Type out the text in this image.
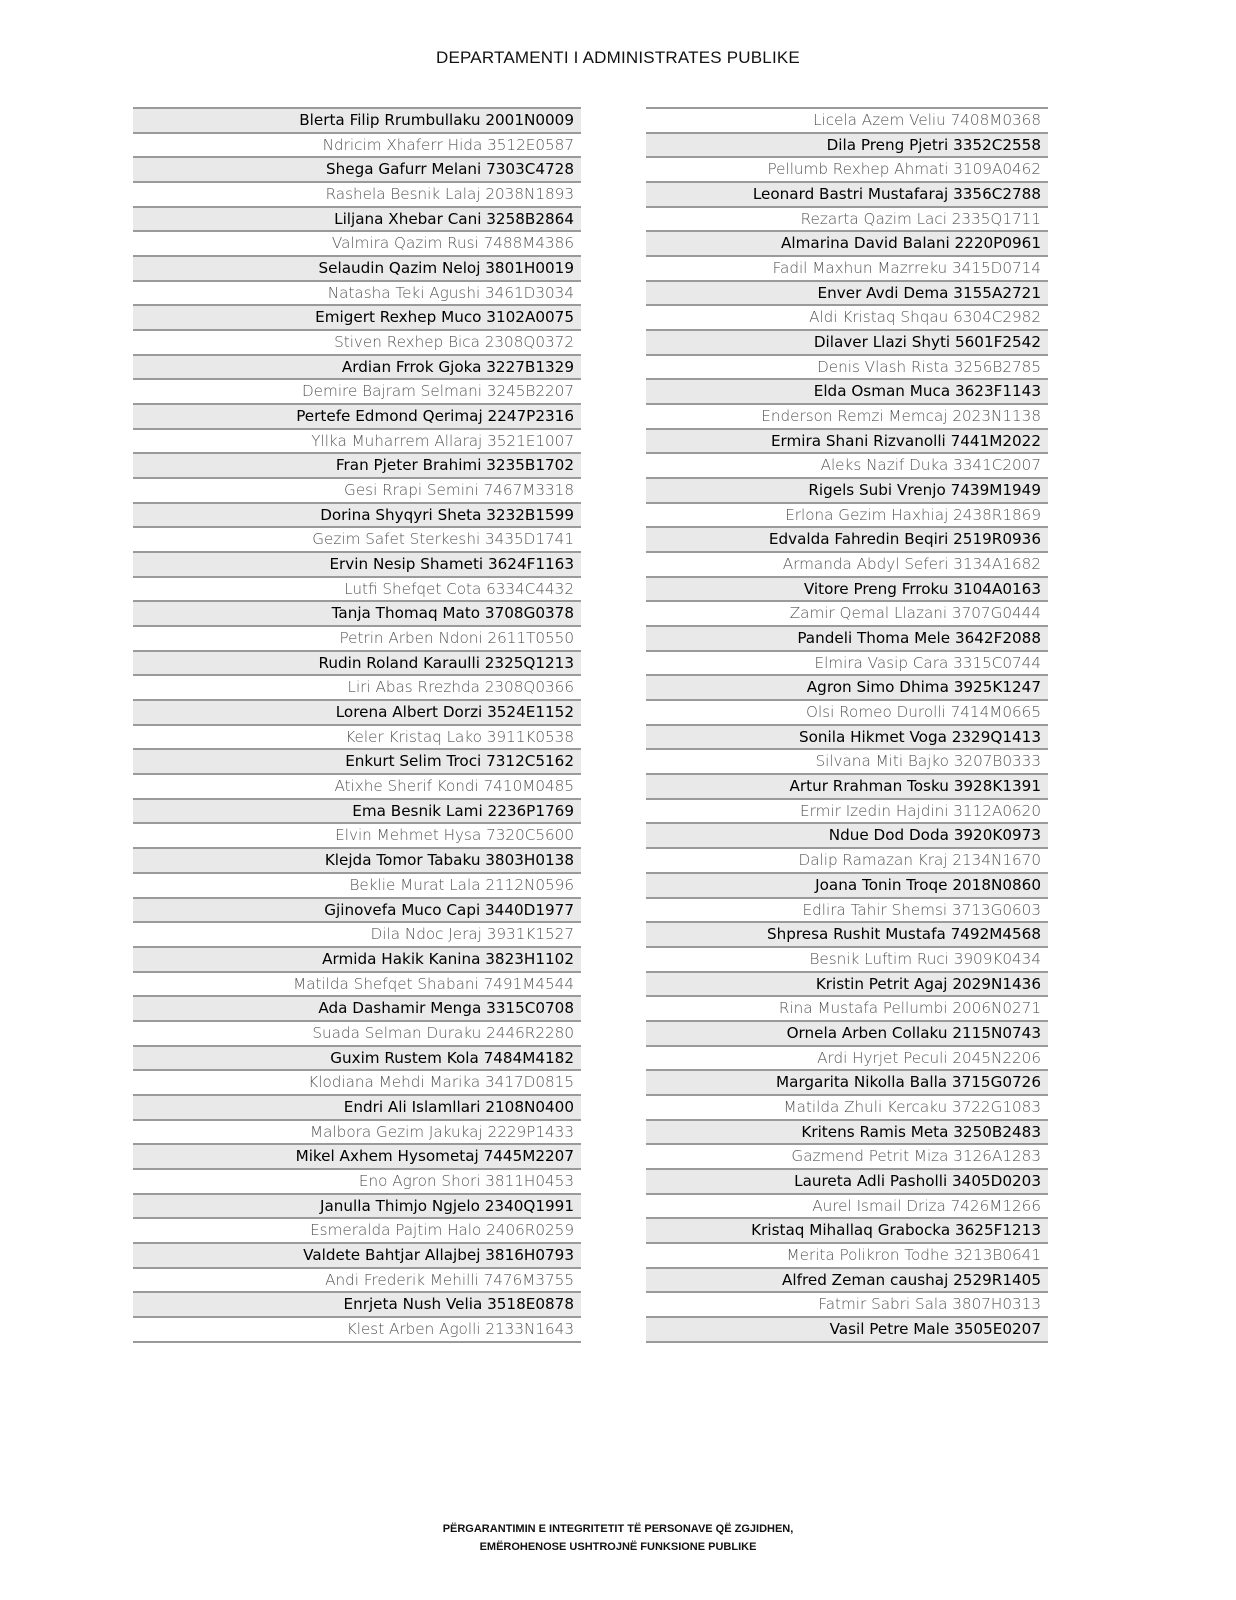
DEPARTAMENTI I ADMINISTRATES PUBLIKE
Blerta Filip Rrumbullaku 2001N0009
Ndricim Xhaferr Hida 3512E0587
Shega Gafurr Melani 7303C4728
Rashela Besnik Lalaj 2038N1893
Liljana Xhebar Cani 3258B2864
Valmira Qazim Rusi 7488M4386
Selaudin Qazim Neloj 3801H0019
Natasha Teki Agushi 3461D3034
Emigert Rexhep Muco 3102A0075
Stiven Rexhep Bica 2308Q0372
Ardian Frrok Gjoka 3227B1329
Demire Bajram Selmani 3245B2207
Pertefe Edmond Qerimaj 2247P2316
Yllka Muharrem Allaraj 3521E1007
Fran Pjeter Brahimi 3235B1702
Gesi Rrapi Semini 7467M3318
Dorina Shyqyri Sheta 3232B1599
Gezim Safet Sterkeshi 3435D1741
Ervin Nesip Shameti 3624F1163
Lutfi Shefqet Cota 6334C4432
Tanja Thomaq Mato 3708G0378
Petrin Arben Ndoni 2611T0550
Rudin Roland Karaulli 2325Q1213
Liri Abas Rrezhda 2308Q0366
Lorena Albert Dorzi 3524E1152
Keler Kristaq Lako 3911K0538
Enkurt Selim Troci 7312C5162
Atixhe Sherif Kondi 7410M0485
Ema Besnik Lami 2236P1769
Elvin Mehmet Hysa 7320C5600
Klejda Tomor Tabaku 3803H0138
Beklie Murat Lala 2112N0596
Gjinovefa Muco Capi 3440D1977
Dila Ndoc Jeraj 3931K1527
Armida Hakik Kanina 3823H1102
Matilda Shefqet Shabani 7491M4544
Ada Dashamir Menga 3315C0708
Suada Selman Duraku 2446R2280
Guxim Rustem Kola 7484M4182
Klodiana Mehdi Marika 3417D0815
Endri Ali Islamllari 2108N0400
Malbora Gezim Jakukaj 2229P1433
Mikel Axhem Hysometaj 7445M2207
Eno Agron Shori 3811H0453
Janulla Thimjo Ngjelo 2340Q1991
Esmeralda Pajtim Halo 2406R0259
Valdete Bahtjar Allajbej 3816H0793
Andi Frederik Mehilli 7476M3755
Enrjeta Nush Velia 3518E0878
Klest Arben Agolli 2133N1643
Licela Azem Veliu 7408M0368
Dila Preng Pjetri 3352C2558
Pellumb Rexhep Ahmati 3109A0462
Leonard Bastri Mustafaraj 3356C2788
Rezarta Qazim Laci 2335Q1711
Almarina David Balani 2220P0961
Fadil Maxhun Mazrreku 3415D0714
Enver Avdi Dema 3155A2721
Aldi Kristaq Shqau 6304C2982
Dilaver Llazi Shyti 5601F2542
Denis Vlash Rista 3256B2785
Elda Osman Muca 3623F1143
Enderson Remzi Memcaj 2023N1138
Ermira Shani Rizvanolli 7441M2022
Aleks Nazif Duka 3341C2007
Rigels Subi Vrenjo 7439M1949
Erlona Gezim Haxhiaj 2438R1869
Edvalda Fahredin Beqiri 2519R0936
Armanda Abdyl Seferi 3134A1682
Vitore Preng Frroku 3104A0163
Zamir Qemal Llazani 3707G0444
Pandeli Thoma Mele 3642F2088
Elmira Vasip Cara 3315C0744
Agron Simo Dhima 3925K1247
Olsi Romeo Durolli 7414M0665
Sonila Hikmet Voga 2329Q1413
Silvana Miti Bajko 3207B0333
Artur Rrahman Tosku 3928K1391
Ermir Izedin Hajdini 3112A0620
Ndue Dod Doda 3920K0973
Dalip Ramazan Kraj 2134N1670
Joana Tonin Troqe 2018N0860
Edlira Tahir Shemsi 3713G0603
Shpresa Rushit Mustafa 7492M4568
Besnik Luftim Ruci 3909K0434
Kristin Petrit Agaj 2029N1436
Rina Mustafa Pellumbi 2006N0271
Ornela Arben Collaku 2115N0743
Ardi Hyrjet Peculi 2045N2206
Margarita Nikolla Balla 3715G0726
Matilda Zhuli Kercaku 3722G1083
Kritens Ramis Meta 3250B2483
Gazmend Petrit Miza 3126A1283
Laureta Adli Pasholli 3405D0203
Aurel Ismail Driza 7426M1266
Kristaq Mihallaq Grabocka 3625F1213
Merita Polikron Todhe 3213B0641
Alfred Zeman caushaj 2529R1405
Fatmir Sabri Sala 3807H0313
Vasil Petre Male 3505E0207
PËRGARANTIMIN E INTEGRITETIT TË PERSONAVE QË ZGJIDHEN,
EMËROHENOSE USHTROJNË FUNKSIONE PUBLIKE
